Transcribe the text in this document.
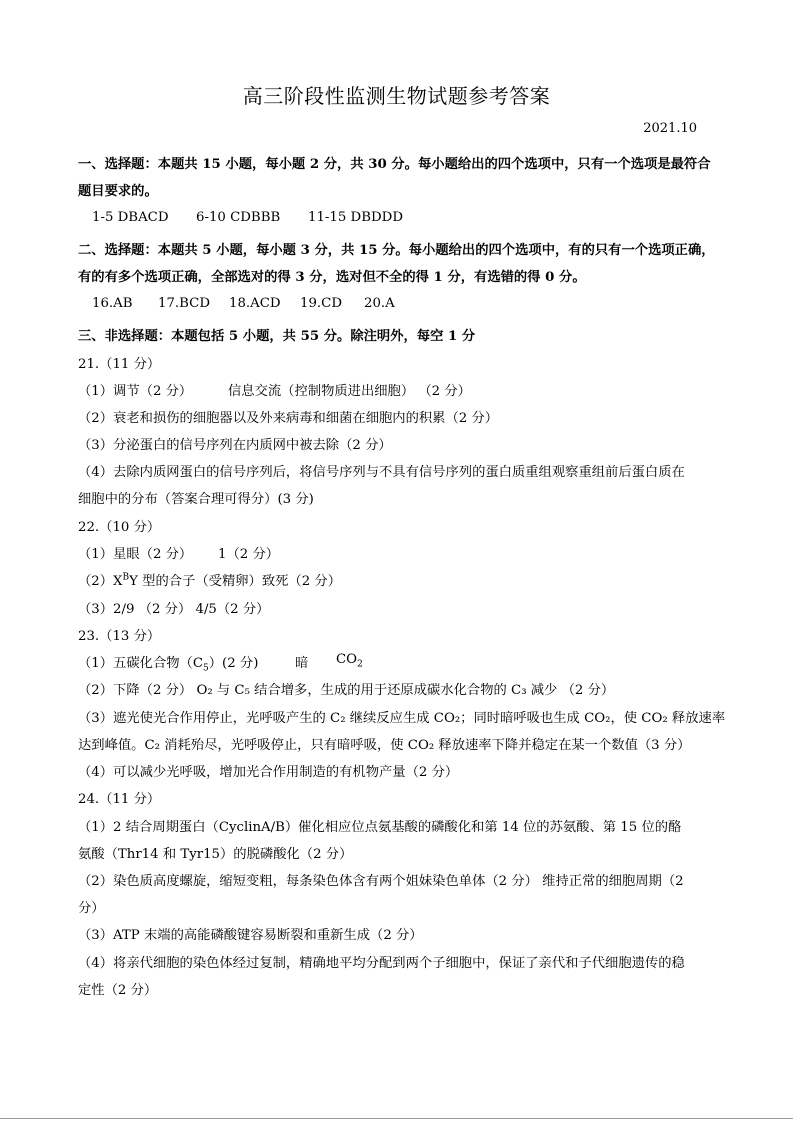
高三阶段性监测生物试题参考答案
2021.10
一、选择题：本题共 15 小题，每小题 2 分，共 30 分。每小题给出的四个选项中，只有一个选项是最符合
题目要求的。
1-5 DBACD 6-10 CDBBB 11-15 DBDDD
二、选择题：本题共 5 小题，每小题 3 分，共 15 分。每小题给出的四个选项中，有的只有一个选项正确，
有的有多个选项正确，全部选对的得 3 分，选对但不全的得 1 分，有选错的得 0 分。
16.AB 17.BCD 18.ACD 19.CD 20.A
三、非选择题：本题包括 5 小题，共 55 分。除注明外，每空 1 分
21.（11 分）
（1）调节（2 分）	信息交流（控制物质进出细胞） （2 分）
（2）衰老和损伤的细胞器以及外来病毒和细菌在细胞内的积累（2 分）
（3）分泌蛋白的信号序列在内质网中被去除（2 分）
（4）去除内质网蛋白的信号序列后，将信号序列与不具有信号序列的蛋白质重组观察重组前后蛋白质在
细胞中的分布（答案合理可得分）(3 分)
22.（10 分）
（1）星眼（2 分） 1（2 分）
$(2)X^BY$ 型的合子（受精卵）致死（2 分）
（3）2/9 （2 分） 4/5（2 分）
23.（13 分）
（1）五碳化合物$(C_5)(2$ 分)	暗 $CO_2$
（2）下降（2 分） O₂ 与 C₅ 结合增多，生成的用于还原成碳水化合物的 C₃ 减少 （2 分）
（3）遮光使光合作用停止，光呼吸产生的 C₂ 继续反应生成 CO₂；同时暗呼吸也生成 CO₂，使 CO₂ 释放速率
达到峰值。C₂ 消耗殆尽，光呼吸停止，只有暗呼吸，使 CO₂ 释放速率下降并稳定在某一个数值（3 分）
（4）可以减少光呼吸，增加光合作用制造的有机物产量（2 分）
24.（11 分）
（1）2 结合周期蛋白（CyclinA/B）催化相应位点氨基酸的磷酸化和第 14 位的苏氨酸、第 15 位的酪
氨酸（Thr14 和 Tyr15）的脱磷酸化（2 分）
（2）染色质高度螺旋，缩短变粗，每条染色体含有两个姐妹染色单体（2 分） 维持正常的细胞周期（2
分）
（3）ATP 末端的高能磷酸键容易断裂和重新生成（2 分）
（4）将亲代细胞的染色体经过复制，精确地平均分配到两个子细胞中，保证了亲代和子代细胞遗传的稳
定性（2 分）
